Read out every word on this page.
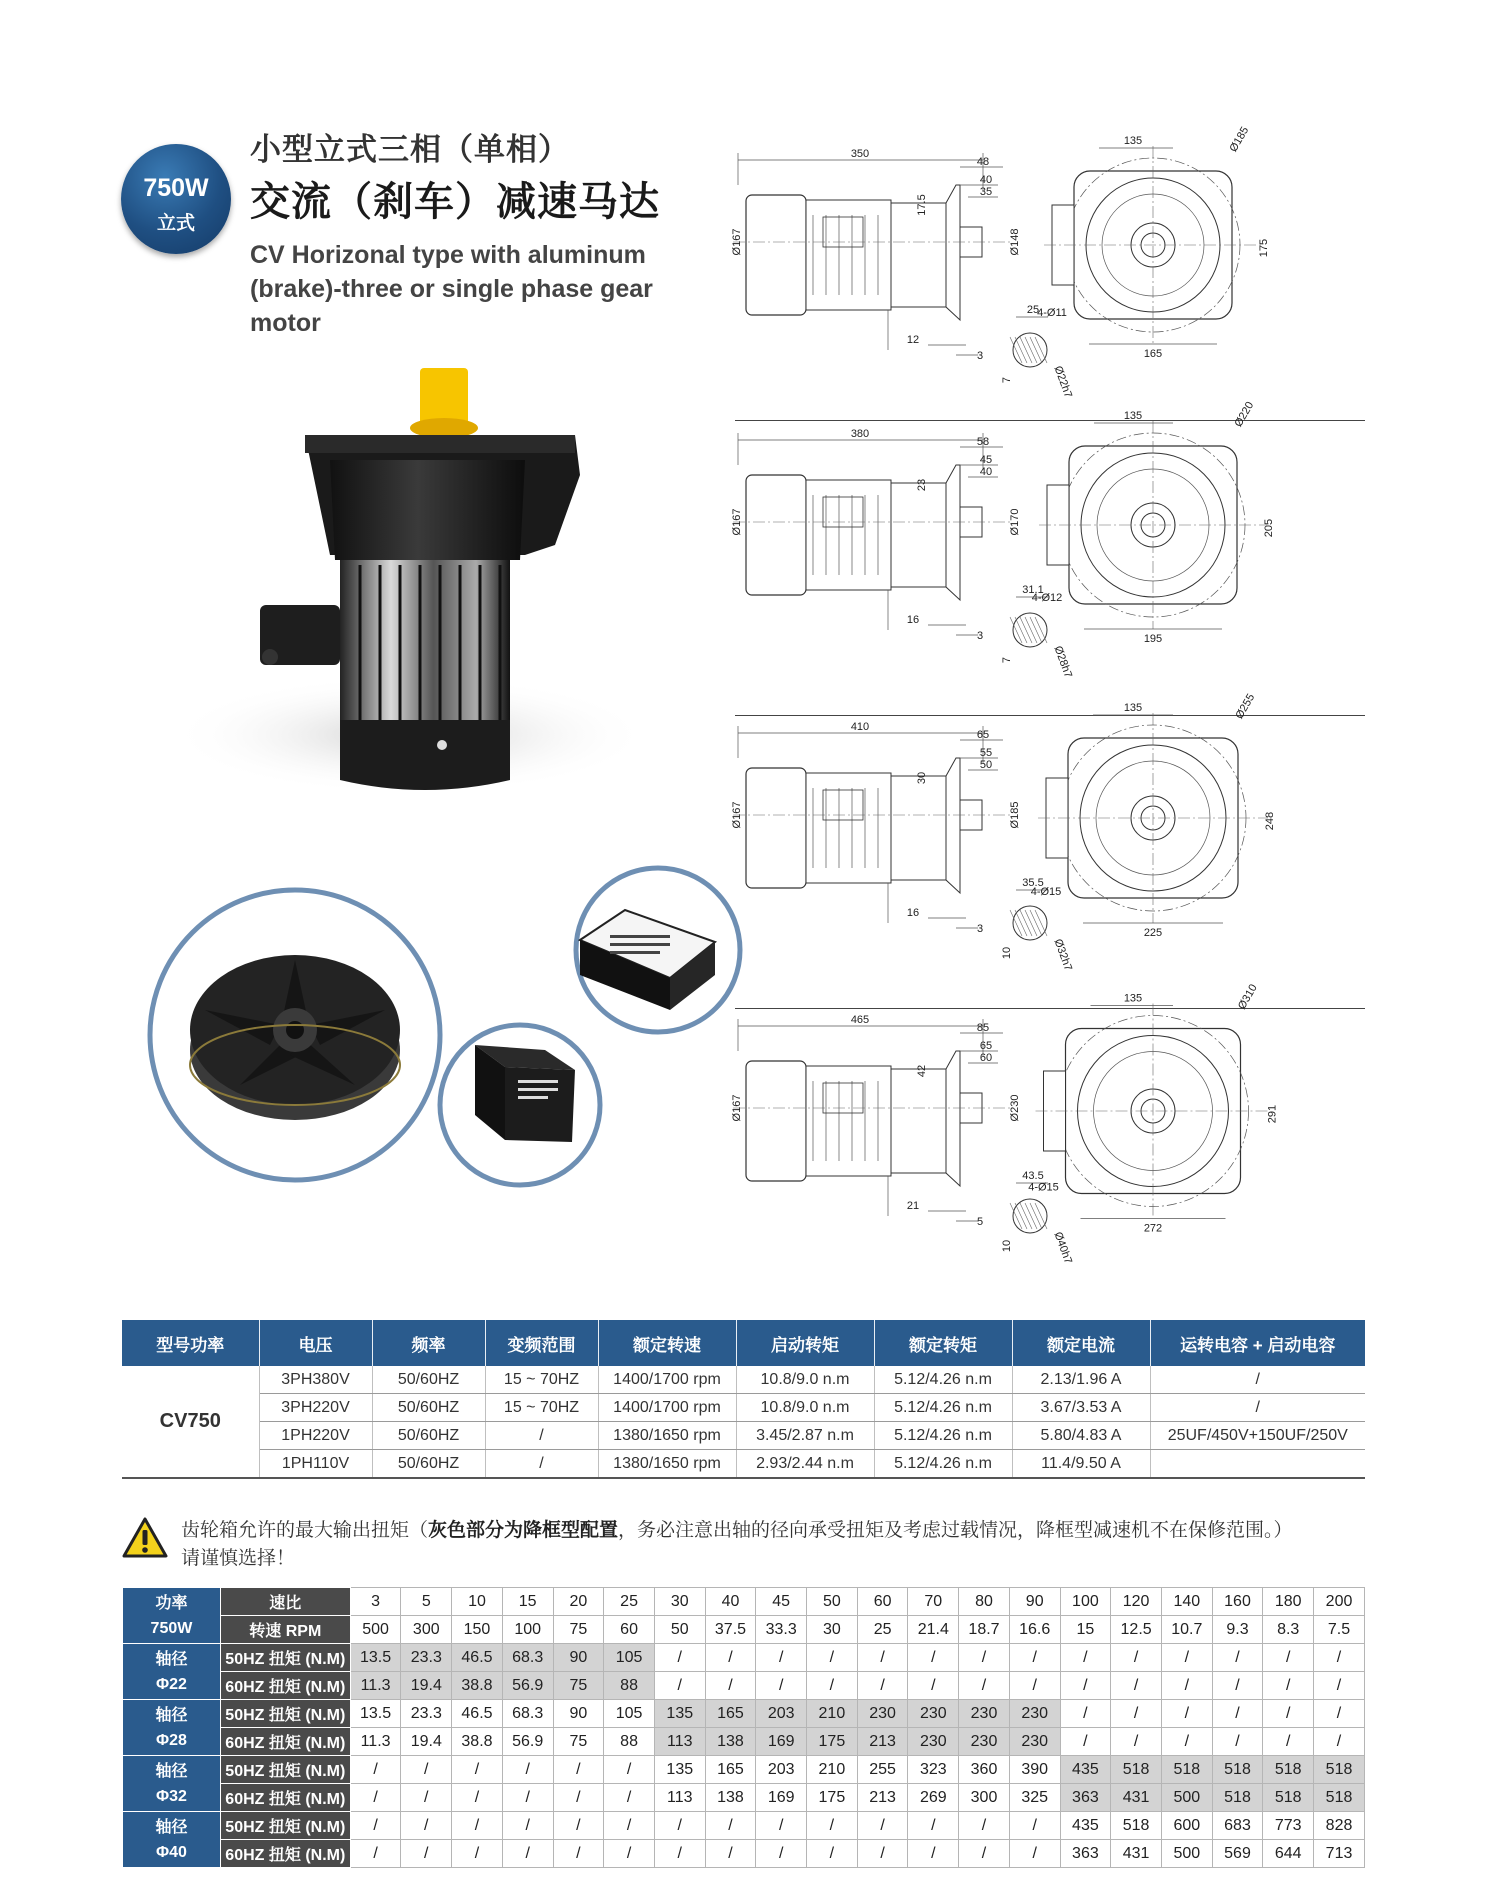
750W
立式
小型立式三相（单相）
交流（刹车）减速马达
CV Horizonal type with aluminum (brake)-three or single phase gear motor
350
48
40
35
17.5
Ø148
Ø167
12
3
25
7	Ø22h7
135
175
165
4-Ø11
Ø185
380
58
45
40
23
Ø170
Ø167
16
3
31.1
7	Ø28h7
135
205
195
4-Ø12
Ø220
410
65
55
50
30
Ø185
Ø167
16
3
35.5
10	Ø32h7
135
248
225
4-Ø15
Ø255
465
85
65
60
42
Ø230
Ø167
21
5
43.5
10	Ø40h7
135
291
272
4-Ø15
Ø310
型号功率	电压	频率	变频范围	额定转速	启动转矩	额定转矩	额定电流	运转电容 + 启动电容
CV750	3PH380V	50/60HZ	15 ~ 70HZ	1400/1700 rpm	10.8/9.0 n.m	5.12/4.26 n.m	2.13/1.96 A	/
	3PH220V	50/60HZ	15 ~ 70HZ	1400/1700 rpm	10.8/9.0 n.m	5.12/4.26 n.m	3.67/3.53 A	/
	1PH220V	50/60HZ	/	1380/1650 rpm	3.45/2.87 n.m	5.12/4.26 n.m	5.80/4.83 A	25UF/450V+150UF/250V
	1PH110V	50/60HZ	/	1380/1650 rpm	2.93/2.44 n.m	5.12/4.26 n.m	11.4/9.50 A	
齿轮箱允许的最大输出扭矩（灰色部分为降框型配置，务必注意出轴的径向承受扭矩及考虑过载情况，降框型减速机不在保修范围。）
请谨慎选择！
功率
750W	速比	3	5	10	15	20	25	30	40	45	50	60	70	80	90	100	120	140	160	180	200
	转速 RPM	500	300	150	100	75	60	50	37.5	33.3	30	25	21.4	18.7	16.6	15	12.5	10.7	9.3	8.3	7.5

轴径
Φ22	50HZ 扭矩 (N.M)	13.5	23.3	46.5	68.3	90	105	/	/	/	/	/	/	/	/	/	/	/	/	/	/
	60HZ 扭矩 (N.M)	11.3	19.4	38.8	56.9	75	88	/	/	/	/	/	/	/	/	/	/	/	/	/	/

轴径
Φ28	50HZ 扭矩 (N.M)	13.5	23.3	46.5	68.3	90	105	135	165	203	210	230	230	230	230	/	/	/	/	/	/
	60HZ 扭矩 (N.M)	11.3	19.4	38.8	56.9	75	88	113	138	169	175	213	230	230	230	/	/	/	/	/	/

轴径
Φ32	50HZ 扭矩 (N.M)	/	/	/	/	/	/	135	165	203	210	255	323	360	390	435	518	518	518	518	518
	60HZ 扭矩 (N.M)	/	/	/	/	/	/	113	138	169	175	213	269	300	325	363	431	500	518	518	518

轴径
Φ40	50HZ 扭矩 (N.M)	/	/	/	/	/	/	/	/	/	/	/	/	/	/	435	518	600	683	773	828
	60HZ 扭矩 (N.M)	/	/	/	/	/	/	/	/	/	/	/	/	/	/	363	431	500	569	644	713
